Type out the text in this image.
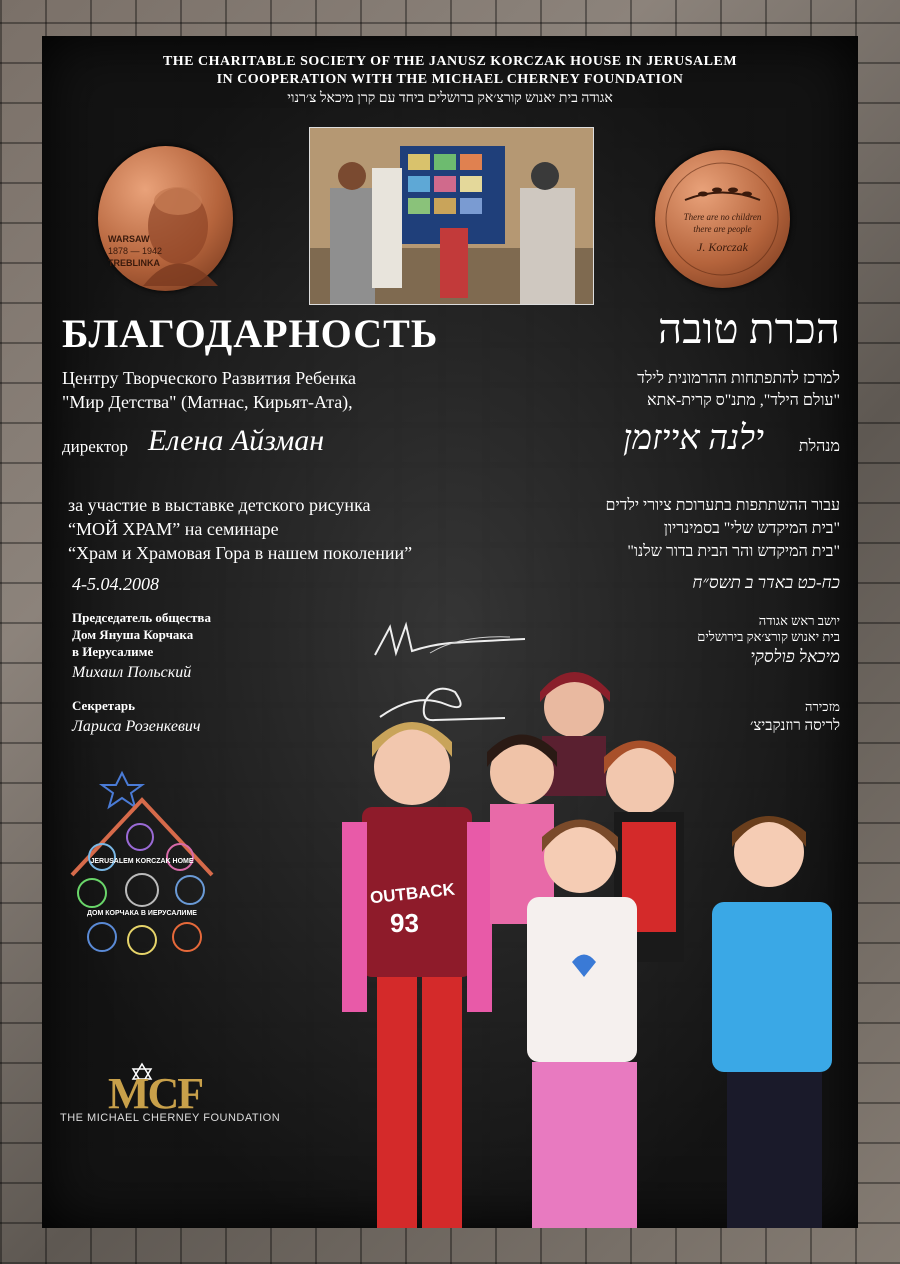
THE CHARITABLE SOCIETY OF THE JANUSZ KORCZAK HOUSE IN JERUSALEM
IN COOPERATION WITH THE MICHAEL CHERNEY FOUNDATION
אגודה בית יאנוש קורצ׳אק ברושלים ביחד עם קרן מיכאל צ׳רנוי
WARSAW
1878 — 1942
TREBLINKA
There are no children
there are people
J. Korczak
БЛАГОДАРНОСТЬ	הכרת טובה
Центру Творческого Развития Ребенка
"Мир Детства" (Матнас, Кирьят-Ата),
למרכז להתפתחות ההרמונית לילד
"עולם הילד", מתנ"ס קרית-אתא
директор Елена Айзман	מנהלת
ילנה אייזמן
за участие в выставке детского рисунка
“МОЙ ХРАМ” на семинаре
“Храм и Храмовая Гора в нашем поколении”
4-5.04.2008
עבור ההשתתפות בתערוכת ציורי ילדים
"בית המיקדש שלי" בסמינריון
"בית המיקדש והר הבית בדור שלנו"
כח-כט באדר ב תשס״ח
Председатель общества
Дом Януша Корчака
в Иерусалиме
Михаил Польский
Секретарь
Лариса Розенкевич
יושב ראש אגודה
בית יאנוש קורצ׳אק בירושלים
מיכאל פולסקי
מזכירה
לריסה רוזנקביצ׳
JERUSALEM KORCZAK HOME
ДОМ КОРЧАКА В ИЕРУСАЛИМЕ
MCF
THE MICHAEL CHERNEY FOUNDATION
OUTBACK
93
